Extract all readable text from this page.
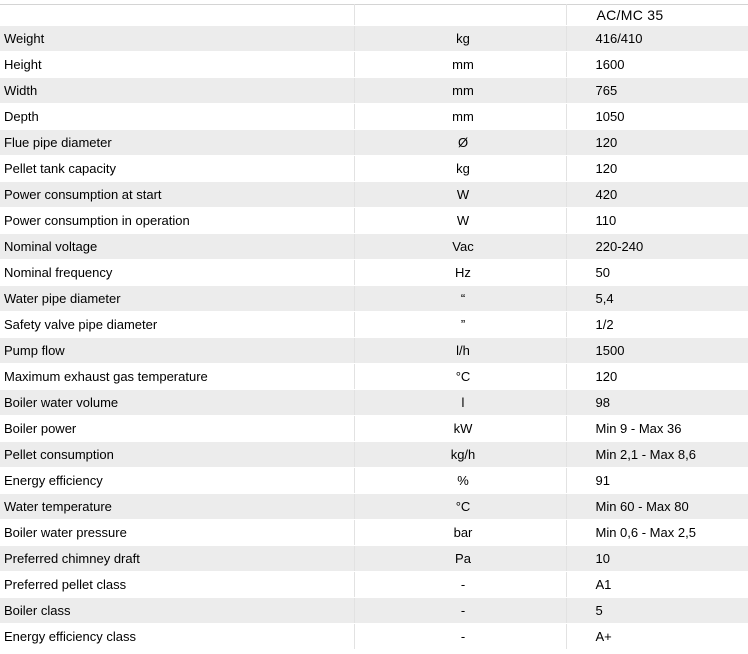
		AC/MC 35
Weight	kg	416/410
Height	mm	1600
Width	mm	765
Depth	mm	1050
Flue pipe diameter	Ø	120
Pellet tank capacity	kg	120
Power consumption at start	W	420
Power consumption in operation	W	110
Nominal voltage	Vac	220-240
Nominal frequency	Hz	50
Water pipe diameter	“	5,4
Safety valve pipe diameter	”	1/2
Pump flow	l/h	1500
Maximum exhaust gas temperature	°C	120
Boiler water volume	l	98
Boiler power	kW	Min 9 - Max 36
Pellet consumption	kg/h	Min 2,1 - Max 8,6
Energy efficiency	%	91
Water temperature	°C	Min 60 - Max 80
Boiler water pressure	bar	Min 0,6 - Max 2,5
Preferred chimney draft	Pa	10
Preferred pellet class	-	A1
Boiler class	-	5
Energy efficiency class	-	A+
